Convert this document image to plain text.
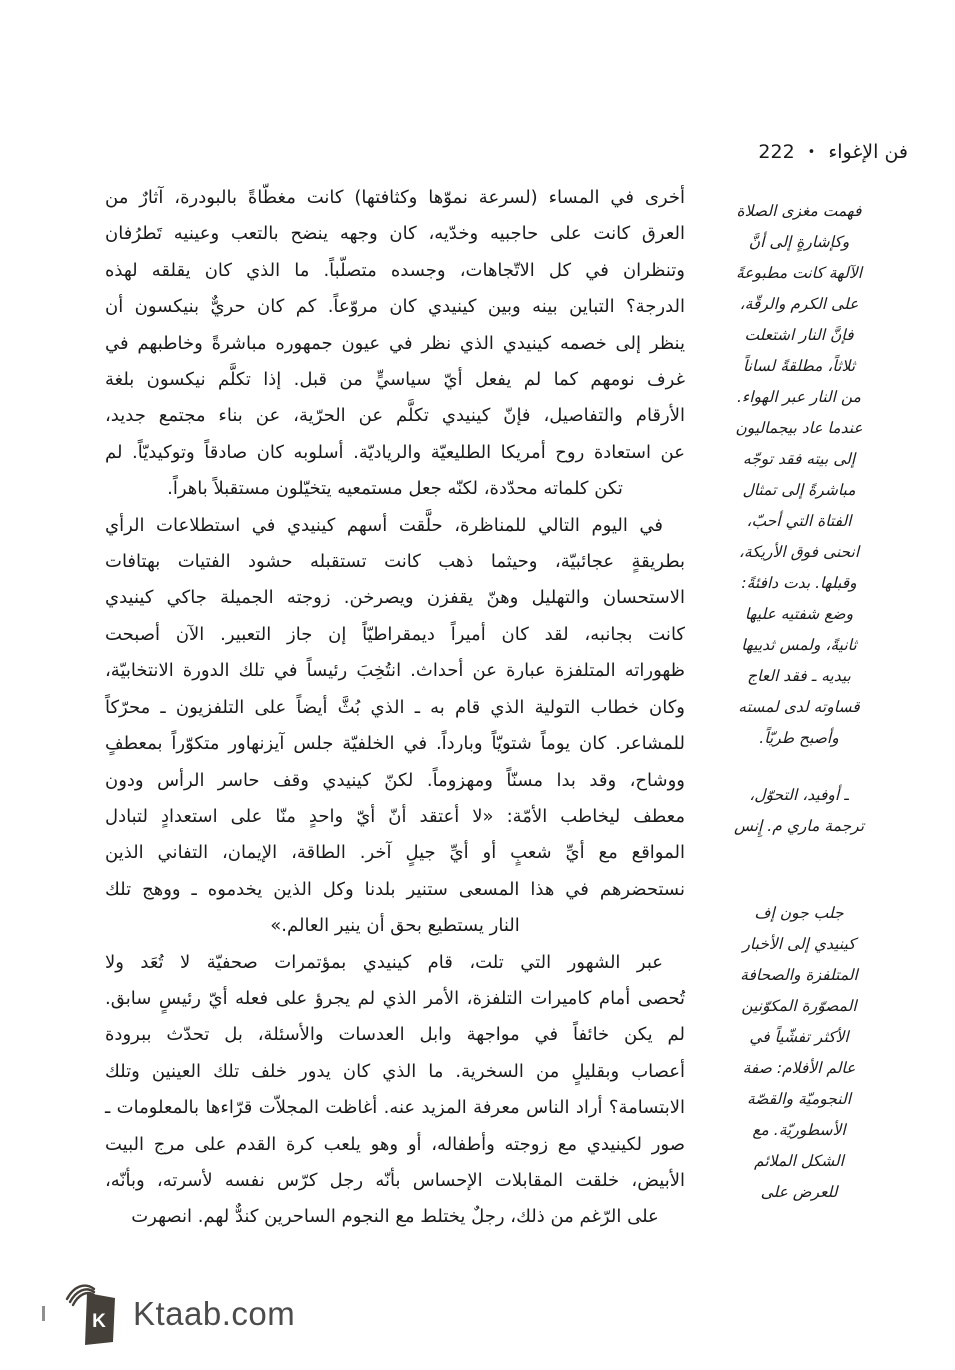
فن الإغواء•222
أخرى في المساء (لسرعة نموّها وكثافتها) كانت مغطّاةً بالبودرة، آثارٌ من
العرق كانت على حاجبيه وخدّيه، كان وجهه ينضح بالتعب وعينيه تَطرُفان
وتنظران في كل الاتّجاهات، وجسده متصلّباً. ما الذي كان يقلقه لهذه
الدرجة؟ التباين بينه وبين كينيدي كان مروّعاً. كم كان حريٌّ بنيكسون أن
ينظر إلى خصمه كينيدي الذي نظر في عيون جمهوره مباشرةً وخاطبهم في
غرف نومهم كما لم يفعل أيّ سياسيٍّ من قبل. إذا تكلَّم نيكسون بلغة
الأرقام والتفاصيل، فإنّ كينيدي تكلَّم عن الحرّية، عن بناء مجتمع جديد،
عن استعادة روح أمريكا الطليعيّة والرياديّة. أسلوبه كان صادقاً وتوكيديّاً. لم
تكن كلماته محدّدة، لكنّه جعل مستمعيه يتخيّلون مستقبلاً باهراً.
في اليوم التالي للمناظرة، حلَّقت أسهم كينيدي في استطلاعات الرأي
بطريقةٍ عجائبيّة، وحيثما ذهب كانت تستقبله حشود الفتيات بهتافات
الاستحسان والتهليل وهنّ يقفزن ويصرخن. زوجته الجميلة جاكي كينيدي
كانت بجانبه، لقد كان أميراً ديمقراطيّاً إن جاز التعبير. الآن أصبحت
ظهوراته المتلفزة عبارة عن أحداث. انتُخِبَ رئيساً في تلك الدورة الانتخابيّة،
وكان خطاب التولية الذي قام به ـ الذي بُثَّ أيضاً على التلفزيون ـ محرّكاً
للمشاعر. كان يوماً شتويّاً وبارداً. في الخلفيّة جلس آيزنهاور متكوّراً بمعطفٍ
ووشاح، وقد بدا مسنّاً ومهزوماً. لكنّ كينيدي وقف حاسر الرأس ودون
معطف ليخاطب الأمّة: «لا أعتقد أنّ أيّ واحدٍ منّا على استعدادٍ لتبادل
المواقع مع أيِّ شعبٍ أو أيِّ جيلٍ آخر. الطاقة، الإيمان، التفاني الذين
نستحضرهم في هذا المسعى ستنير بلدنا وكل الذين يخدموه ـ ووهج تلك
النار يستطيع بحق أن ينير العالم.»
عبر الشهور التي تلت، قام كينيدي بمؤتمرات صحفيّة لا تُعَد ولا
تُحصى أمام كاميرات التلفزة، الأمر الذي لم يجرؤ على فعله أيّ رئيسٍ سابق.
لم يكن خائفاً في مواجهة وابل العدسات والأسئلة، بل تحدّث ببرودة
أعصاب وبقليلٍ من السخرية. ما الذي كان يدور خلف تلك العينين وتلك
الابتسامة؟ أراد الناس معرفة المزيد عنه. أغاظت المجلاّت قرّاءها بالمعلومات ـ
صور لكينيدي مع زوجته وأطفاله، أو وهو يلعب كرة القدم على مرج البيت
الأبيض، خلقت المقابلات الإحساس بأنّه رجل كرّس نفسه لأسرته، وبأنّه،
على الرّغم من ذلك، رجلٌ يختلط مع النجوم الساحرين كندٌّ لهم. انصهرت
فهمت مغزى الصلاة
وكإشارةٍ إلى أنَّ
الآلهة كانت مطبوعةً
على الكرم والرقّة،
فإنَّ النار اشتعلت
ثلاثاً، مطلقةً لساناً
من النار عبر الهواء.
عندما عاد بيجماليون
إلى بيته فقد توجّه
مباشرةً إلى تمثال
الفتاة التي أحبّ،
انحنى فوق الأريكة،
وقبلها. بدت دافئةً:
وضع شفتيه عليها
ثانيةً، ولمس ثدييها
بيديه ـ فقد العاج
قساوته لدى لمسته
وأصبح طريّاً.
ـ أوفيد، التحوّل،
ترجمة ماري م. إِنس
جلب جون إف
كينيدي إلى الأخبار
المتلفزة والصحافة
المصوّرة المكوّنين
الأكثر تفشّياً في
عالم الأفلام: صفة
النجوميّة والقصّة
الأسطوريّة. مع
الشكل الملائم
للعرض على
K Ktaab.com
